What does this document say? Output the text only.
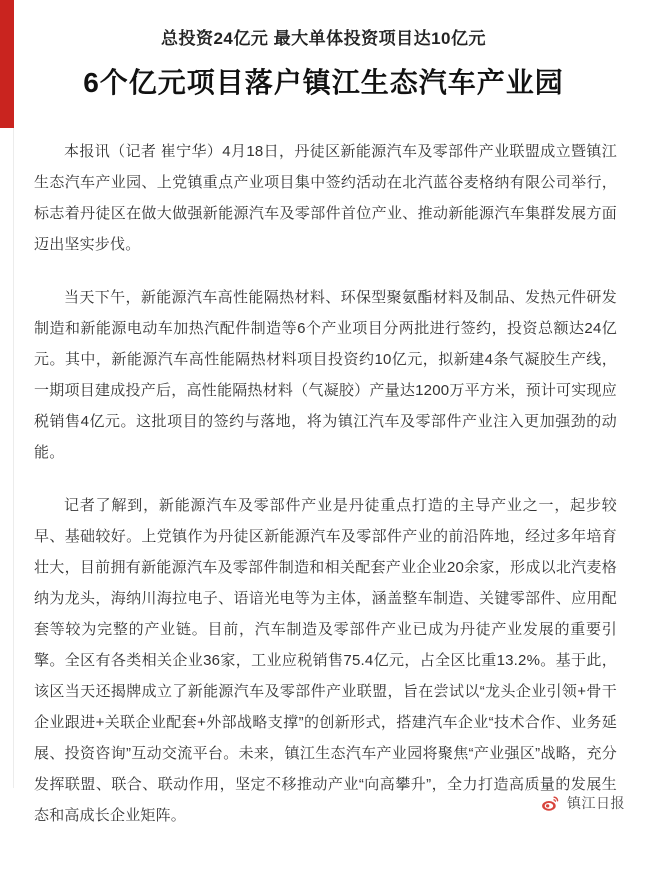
总投资24亿元 最大单体投资项目达10亿元
6个亿元项目落户镇江生态汽车产业园

本报讯（记者 崔宁华）4月18日，丹徒区新能源汽车及零部件产业联盟成立暨镇江生态汽车产业园、上党镇重点产业项目集中签约活动在北汽蓝谷麦格纳有限公司举行，标志着丹徒区在做大做强新能源汽车及零部件首位产业、推动新能源汽车集群发展方面迈出坚实步伐。

当天下午，新能源汽车高性能隔热材料、环保型聚氨酯材料及制品、发热元件研发制造和新能源电动车加热汽配件制造等6个产业项目分两批进行签约，投资总额达24亿元。其中，新能源汽车高性能隔热材料项目投资约10亿元，拟新建4条气凝胶生产线，一期项目建成投产后，高性能隔热材料（气凝胶）产量达1200万平方米，预计可实现应税销售4亿元。这批项目的签约与落地，将为镇江汽车及零部件产业注入更加强劲的动能。

记者了解到，新能源汽车及零部件产业是丹徒重点打造的主导产业之一，起步较早、基础较好。上党镇作为丹徒区新能源汽车及零部件产业的前沿阵地，经过多年培育壮大，目前拥有新能源汽车及零部件制造和相关配套产业企业20余家，形成以北汽麦格纳为龙头，海纳川海拉电子、语谙光电等为主体，涵盖整车制造、关键零部件、应用配套等较为完整的产业链。目前，汽车制造及零部件产业已成为丹徒产业发展的重要引擎。全区有各类相关企业36家，工业应税销售75.4亿元，占全区比重13.2%。基于此，该区当天还揭牌成立了新能源汽车及零部件产业联盟，旨在尝试以“龙头企业引领+骨干企业跟进+关联企业配套+外部战略支撑”的创新形式，搭建汽车企业“技术合作、业务延展、投资咨询”互动交流平台。未来，镇江生态汽车产业园将聚焦“产业强区”战略，充分发挥联盟、联合、联动作用，坚定不移推动产业“向高攀升”，全力打造高质量的发展生态和高成长企业矩阵。

镇江日报
